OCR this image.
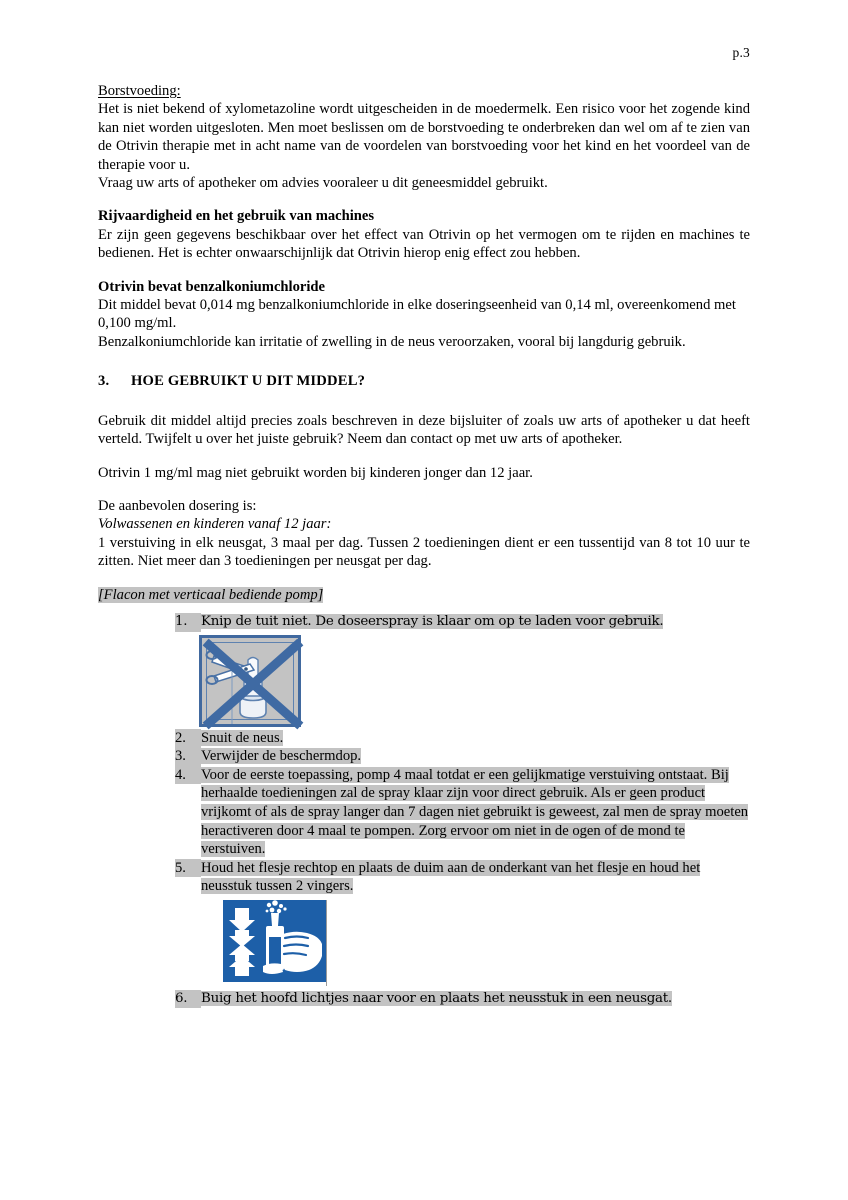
p.3
Borstvoeding:
Het is niet bekend of xylometazoline wordt uitgescheiden in de moedermelk. Een risico voor het zogende kind kan niet worden uitgesloten. Men moet beslissen om de borstvoeding te onderbreken dan wel om af te zien van de Otrivin therapie met in acht name van de voordelen van borstvoeding voor het kind en het voordeel van de therapie voor u.
Vraag uw arts of apotheker om advies vooraleer u dit geneesmiddel gebruikt.
Rijvaardigheid en het gebruik van machines
Er zijn geen gegevens beschikbaar over het effect van Otrivin op het vermogen om te rijden en machines te bedienen. Het is echter onwaarschijnlijk dat Otrivin hierop enig effect zou hebben.
Otrivin bevat benzalkoniumchloride
Dit middel bevat 0,014 mg benzalkoniumchloride in elke doseringseenheid van 0,14 ml, overeenkomend met 0,100 mg/ml.
Benzalkoniumchloride kan irritatie of zwelling in de neus veroorzaken, vooral bij langdurig gebruik.
3.	HOE GEBRUIKT U DIT MIDDEL?
Gebruik dit middel altijd precies zoals beschreven in deze bijsluiter of zoals uw arts of apotheker u dat heeft verteld. Twijfelt u over het juiste gebruik? Neem dan contact op met uw arts of apotheker.
Otrivin 1 mg/ml mag niet gebruikt worden bij kinderen jonger dan 12 jaar.
De aanbevolen dosering is:
Volwassenen en kinderen vanaf 12 jaar:
1 verstuiving in elk neusgat, 3 maal per dag. Tussen 2 toedieningen dient er een tussentijd van 8 tot 10 uur te zitten. Niet meer dan 3 toedieningen per neusgat per dag.
[Flacon met verticaal bediende pomp]
1.	Knip de tuit niet. De doseerspray is klaar om op te laden voor gebruik.
2.	Snuit de neus.
3.	Verwijder de beschermdop.
4.	Voor de eerste toepassing, pomp 4 maal totdat er een gelijkmatige verstuiving ontstaat. Bij herhaalde toedieningen zal de spray klaar zijn voor direct gebruik. Als er geen product vrijkomt of als de spray langer dan 7 dagen niet gebruikt is geweest, zal men de spray moeten heractiveren door 4 maal te pompen. Zorg ervoor om niet in de ogen of de mond te verstuiven.
5.	Houd het flesje rechtop en plaats de duim aan de onderkant van het flesje en houd het neusstuk tussen 2 vingers.
6.	Buig het hoofd lichtjes naar voor en plaats het neusstuk in een neusgat.
